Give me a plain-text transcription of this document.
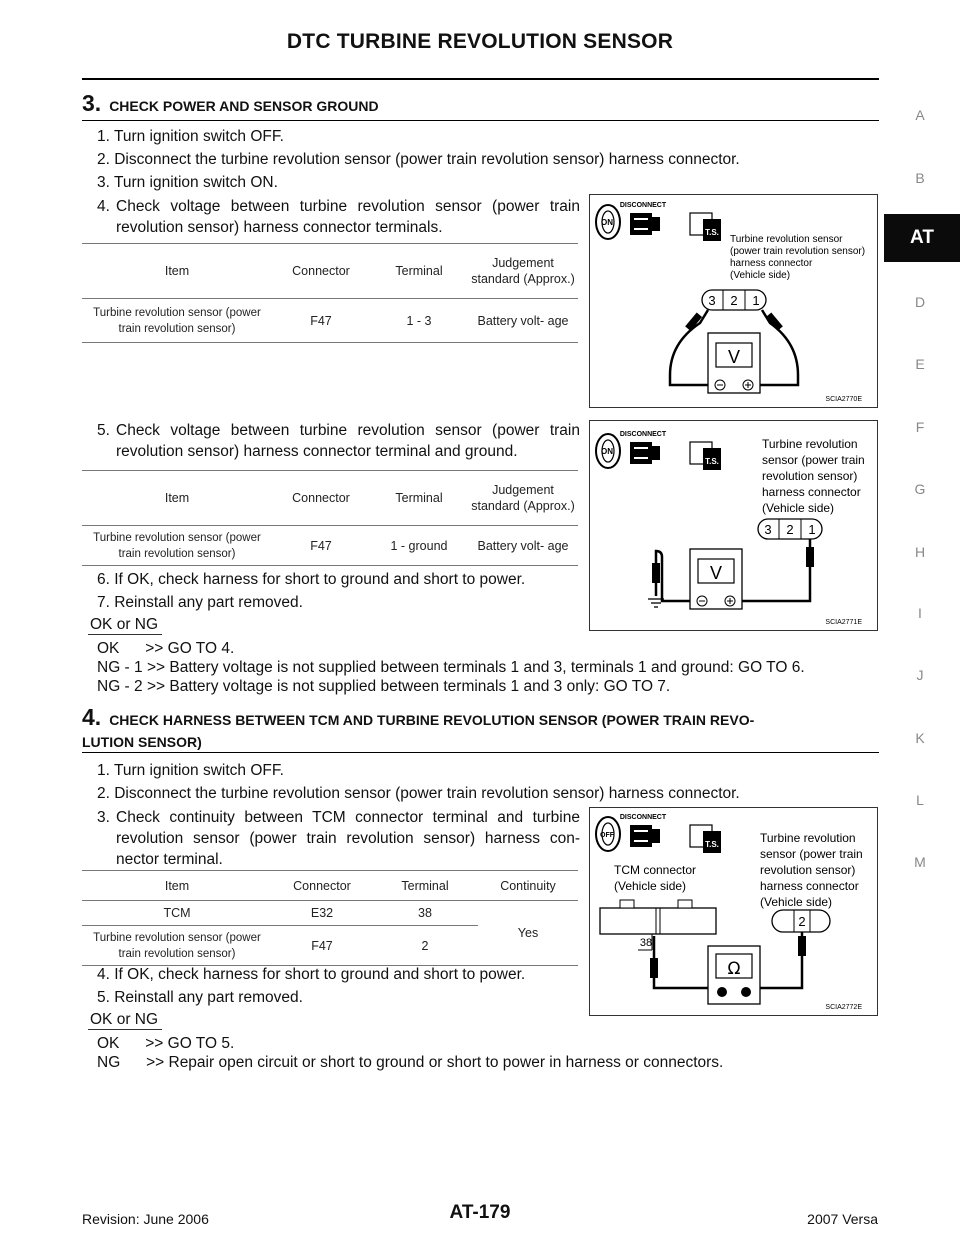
DTC TURBINE REVOLUTION SENSOR
A
B
AT
D
E
F
G
H
I
J
K
L
M
3. CHECK POWER AND SENSOR GROUND
1. Turn ignition switch OFF.
2. Disconnect the turbine revolution sensor (power train revolution sensor) harness connector.
3. Turn ignition switch ON.
4. Check voltage between turbine revolution sensor (power train revolution sensor) harness connector terminals.
Item	Connector	Terminal	Judgement standard (Approx.)
Turbine revolution sensor (power train revolution sensor)	F47	1 - 3	Battery volt- age
5. Check voltage between turbine revolution sensor (power train revolution sensor) harness connector terminal and ground.
Item	Connector	Terminal	Judgement standard (Approx.)
Turbine revolution sensor (power train revolution sensor)	F47	1 - ground	Battery volt- age
6. If OK, check harness for short to ground and short to power.
7. Reinstall any part removed.
OK or NG
OK      >> GO TO 4.
NG - 1 >> Battery voltage is not supplied between terminals 1 and 3, terminals 1 and ground: GO TO 6.
NG - 2 >> Battery voltage is not supplied between terminals 1 and 3 only: GO TO 7.
4. CHECK HARNESS BETWEEN TCM AND TURBINE REVOLUTION SENSOR (POWER TRAIN REVO-
LUTION SENSOR)
1. Turn ignition switch OFF.
2. Disconnect the turbine revolution sensor (power train revolution sensor) harness connector.
3. Check continuity between TCM connector terminal and turbine revolution sensor (power train revolution sensor) harness con- nector terminal.
Item	Connector	Terminal	Continuity
TCM	E32	38	Yes
Turbine revolution sensor (power train revolution sensor)	F47	2	
4. If OK, check harness for short to ground and short to power.
5. Reinstall any part removed.
OK or NG
OK      >> GO TO 5.
NG      >> Repair open circuit or short to ground or short to power in harness or connectors.
ON
DISCONNECT
T.S.
Turbine revolution sensor (power train revolution sensor) harness connector (Vehicle side)
3 2 1
V
SCIA2770E
ON
DISCONNECT
T.S.
Turbine revolution sensor (power train revolution sensor) harness connector (Vehicle side)
3 2 1
V
SCIA2771E
OFF
DISCONNECT
T.S.
TCM connector (Vehicle side)
Turbine revolution sensor (power train revolution sensor) harness connector (Vehicle side)
38
2
Ω
SCIA2772E
Revision: June 2006	AT-179	2007 Versa
